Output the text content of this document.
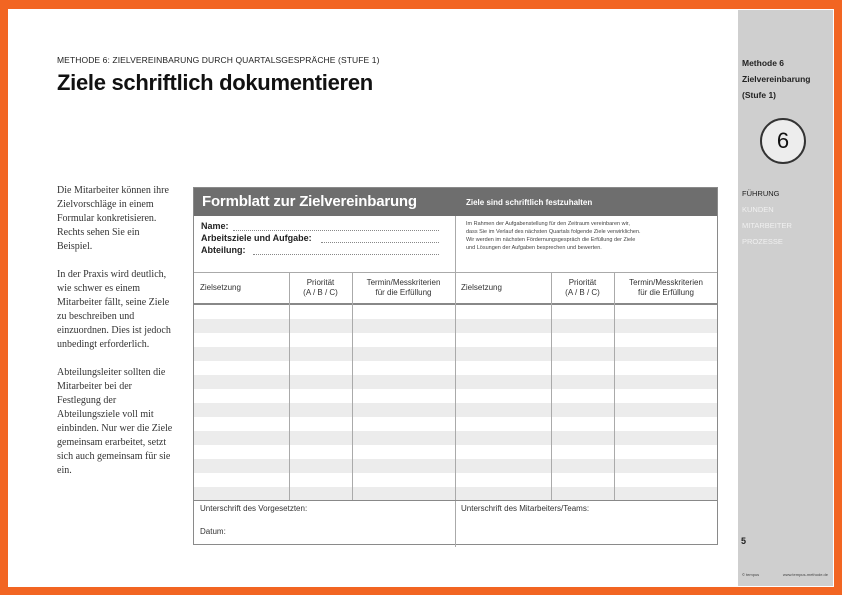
METHODE 6: ZIELVEREINBARUNG DURCH QUARTALSGESPRÄCHE (STUFE 1)
Ziele schriftlich dokumentieren

Die Mitarbeiter können ihre Zielvorschläge in einem Formular konkretisieren. Rechts sehen Sie ein Beispiel.

In der Praxis wird deutlich, wie schwer es einem Mitarbeiter fällt, seine Ziele zu beschreiben und einzuordnen. Dies ist jedoch unbedingt erforderlich.

Abteilungsleiter sollten die Mitarbeiter bei der Festlegung der Abteilungsziele voll mit einbinden. Nur wer die Ziele gemeinsam erarbeitet, setzt sich auch gemeinsam für sie ein.

Formblatt zur Zielvereinbarung	Ziele sind schriftlich festzuhalten
Name:
Arbeitsziele und Aufgabe:
Abteilung:
Im Rahmen der Aufgabenstellung für den Zeitraum vereinbaren wir,
dass Sie im Verlauf des nächsten Quartals folgende Ziele verwirklichen.
Wir werden im nächsten Fördernungsgespräch die Erfüllung der Ziele
und Lösungen der Aufgaben besprechen und bewerten.
Zielsetzung
Priorität
(A / B / C)
Termin/Messkriterien
für die Erfüllung
Zielsetzung
Priorität
(A / B / C)
Termin/Messkriterien
für die Erfüllung
Unterschrift des Vorgesetzten:
Datum:
Unterschrift des Mitarbeiters/Teams:
Methode 6
Zielvereinbarung
(Stufe 1)
6
FÜHRUNG
KUNDEN
MITARBEITER
PROZESSE
5
© tempus	www.tempus-methode.de
